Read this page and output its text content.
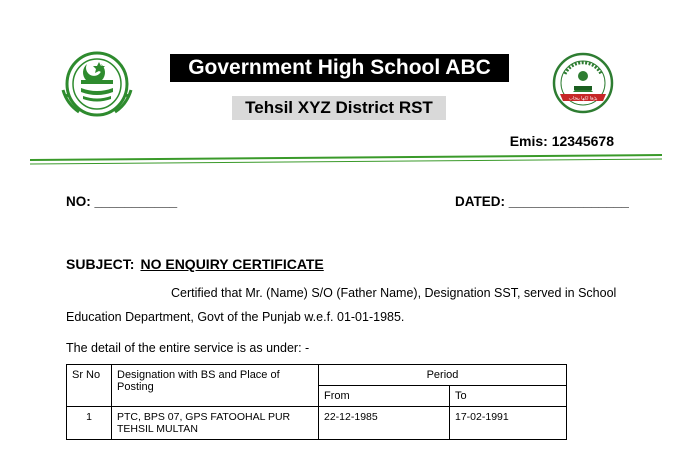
Government High School ABC
Tehsil XYZ District RST	پڑھا لکھا پنجاب
Emis: 12345678
NO: ___________	DATED: ________________
SUBJECT: NO ENQUIRY CERTIFICATE
Certified that Mr. (Name) S/O (Father Name), Designation SST, served in School
Education Department, Govt of the Punjab w.e.f. 01-01-1985.
The detail of the entire service is as under: -
Sr No	Designation with BS and Place of Posting	Period	
		From	To
1	PTC, BPS 07, GPS FATOOHAL PUR TEHSIL MULTAN	22-12-1985	17-02-1991
